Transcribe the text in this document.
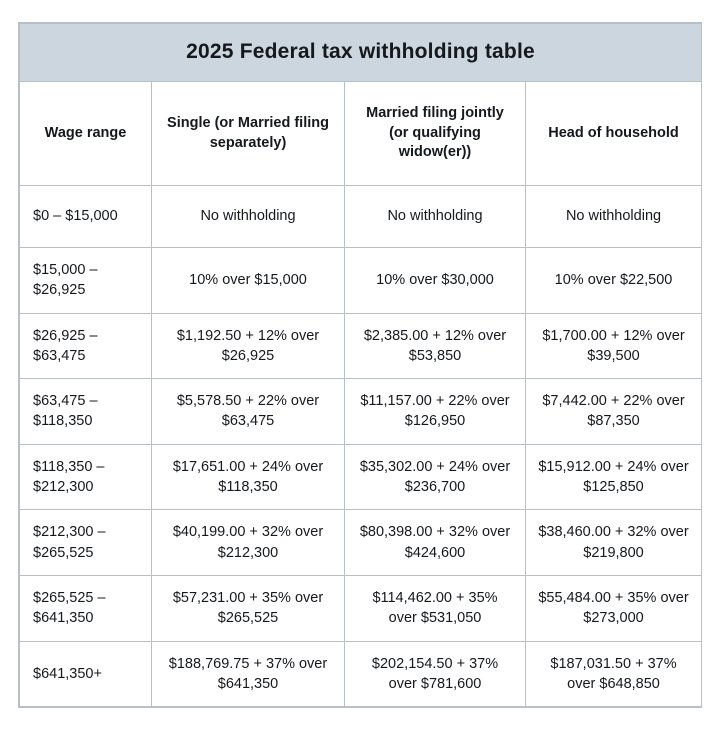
2025 Federal tax withholding table			
Wage range	Single (or Married filing separately)	Married filing jointly (or qualifying widow(er))	Head of household
$0 – $15,000	No withholding	No withholding	No withholding
$15,000 – $26,925	10% over $15,000	10% over $30,000	10% over $22,500
$26,925 – $63,475	$1,192.50 + 12% over $26,925	$2,385.00 + 12% over $53,850	$1,700.00 + 12% over $39,500
$63,475 – $118,350	$5,578.50 + 22% over $63,475	$11,157.00 + 22% over $126,950	$7,442.00 + 22% over $87,350
$118,350 – $212,300	$17,651.00 + 24% over $118,350	$35,302.00 + 24% over $236,700	$15,912.00 + 24% over $125,850
$212,300 – $265,525	$40,199.00 + 32% over $212,300	$80,398.00 + 32% over $424,600	$38,460.00 + 32% over $219,800
$265,525 – $641,350	$57,231.00 + 35% over $265,525	$114,462.00 + 35% over $531,050	$55,484.00 + 35% over $273,000
$641,350+	$188,769.75 + 37% over $641,350	$202,154.50 + 37% over $781,600	$187,031.50 + 37% over $648,850
